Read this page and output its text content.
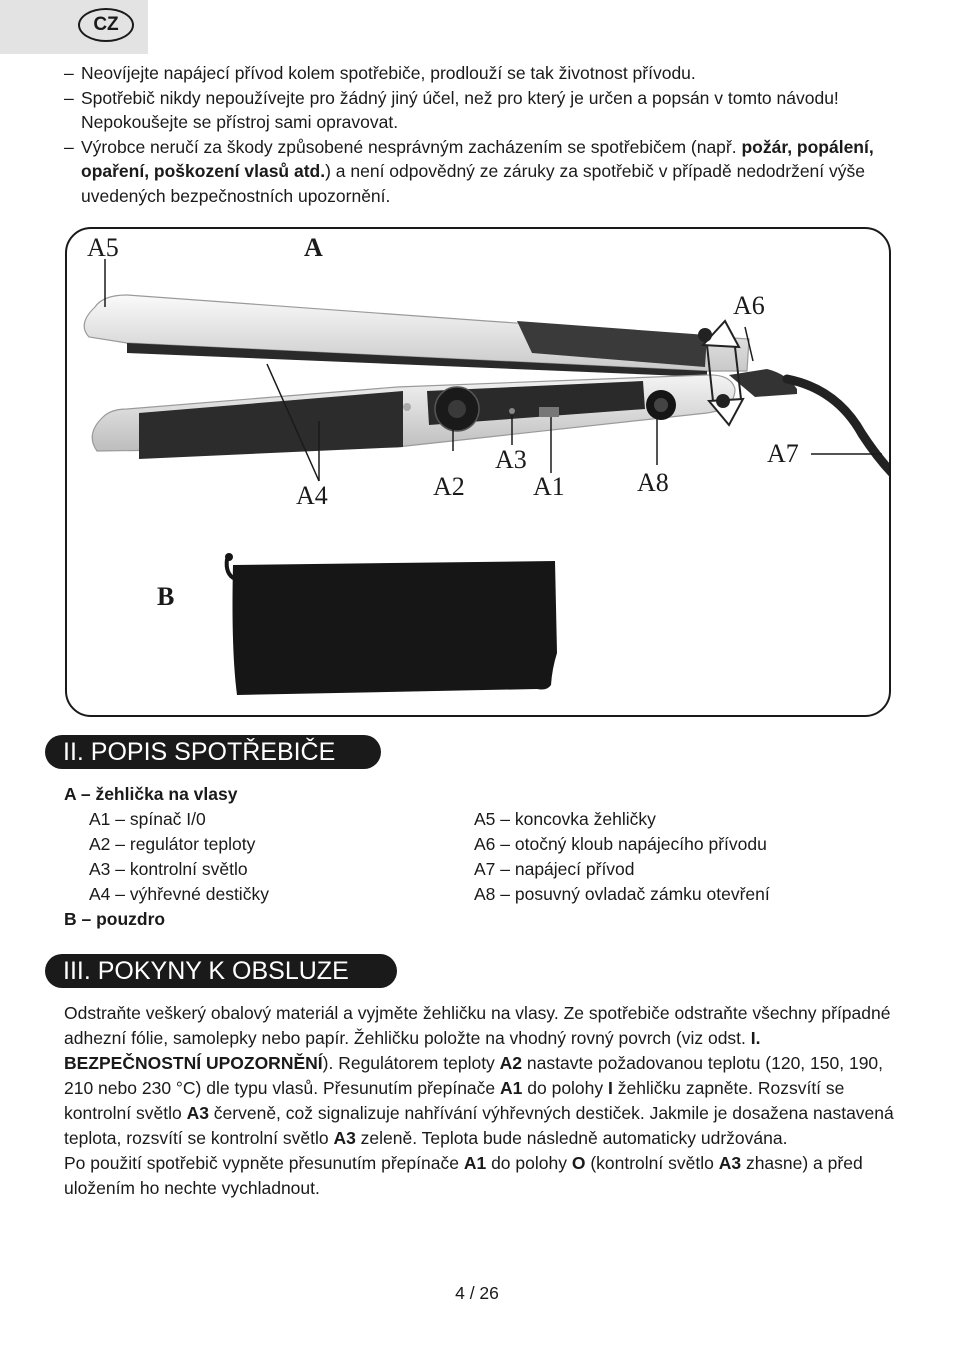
CZ
– Neovíjejte napájecí přívod kolem spotřebiče, prodlouží se tak životnost přívodu.
– Spotřebič nikdy nepoužívejte pro žádný jiný účel, než pro který je určen a popsán v tomto návodu! Nepokoušejte se přístroj sami opravovat.
– Výrobce neručí za škody způsobené nesprávným zacházením se spotřebičem (např. požár, popálení, opaření, poškození vlasů atd.) a není odpovědný ze záruky za spotřebič v případě nedodržení výše uvedených bezpečnostních upozornění.
A5	A
A6
A7
A3
A2	A1	A8
A4
B
II. POPIS SPOTŘEBIČE
A – žehlička na vlasy
A1 – spínač I/0
A2 – regulátor teploty
A3 – kontrolní světlo
A4 – výhřevné destičky
B – pouzdro
A5 – koncovka žehličky
A6 – otočný kloub napájecího přívodu
A7 – napájecí přívod
A8 – posuvný ovladač zámku otevření
III. POKYNY K OBSLUZE

Odstraňte veškerý obalový materiál a vyjměte žehličku na vlasy. Ze spotřebiče odstraňte všechny případné adhezní fólie, samolepky nebo papír. Žehličku položte na vhodný rovný povrch (viz odst. I. BEZPEČNOSTNÍ UPOZORNĚNÍ). Regulátorem teploty A2 nastavte požadovanou teplotu (120, 150, 190, 210 nebo 230 °C) dle typu vlasů. Přesunutím přepínače A1 do polohy I žehličku zapněte. Rozsvítí se kontrolní světlo A3 červeně, což signalizuje nahřívání výhřevných destiček. Jakmile je dosažena nastavená teplota, rozsvítí se kontrolní světlo A3 zeleně. Teplota bude následně automaticky udržována.

Po použití spotřebič vypněte přesunutím přepínače A1 do polohy O (kontrolní světlo A3 zhasne) a před uložením ho nechte vychladnout.

4 / 26
